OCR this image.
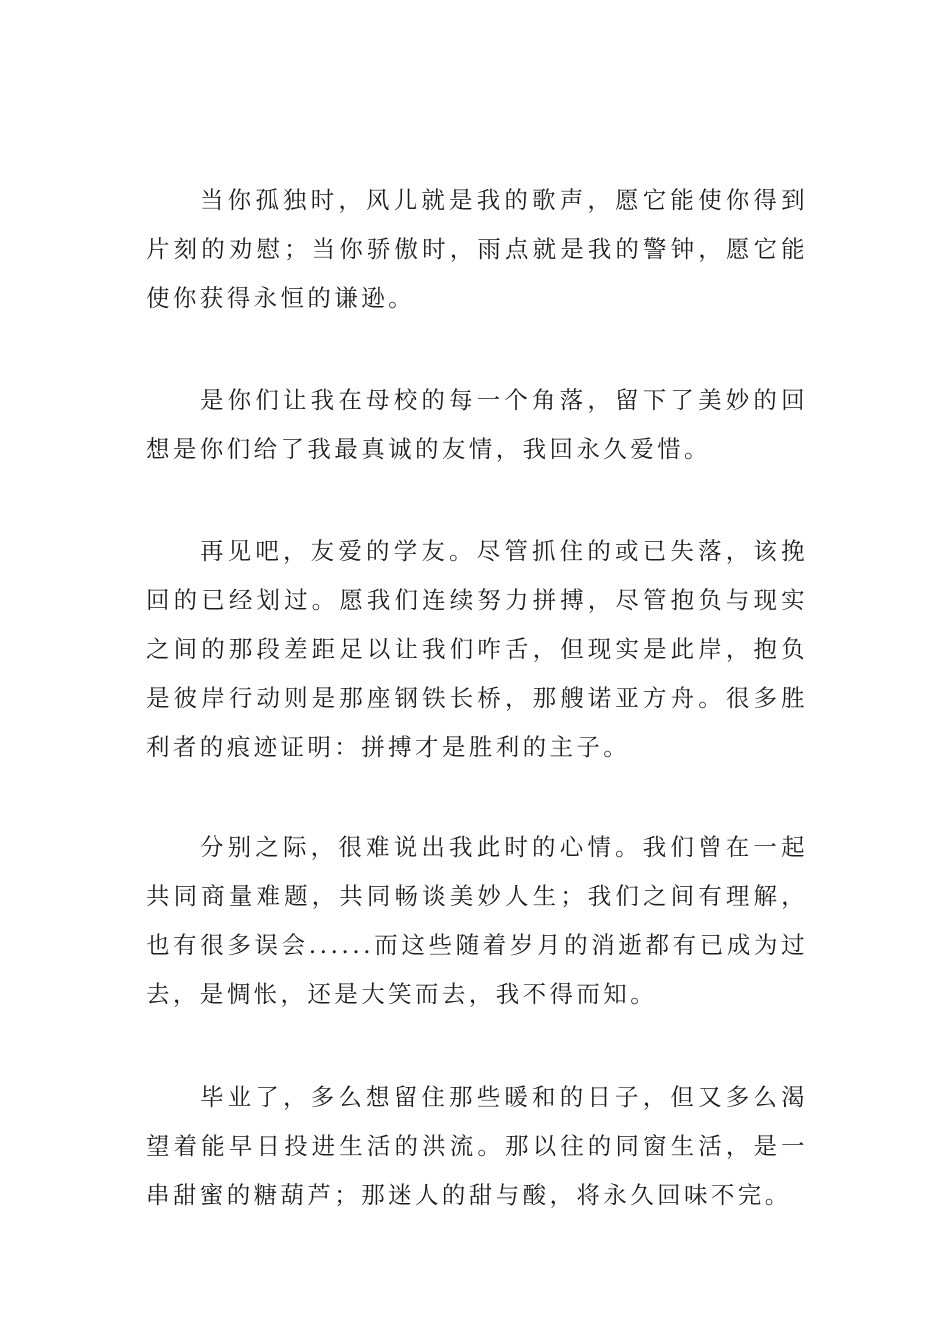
当你孤独时，风儿就是我的歌声，愿它能使你得到片刻的劝慰；当你骄傲时，雨点就是我的警钟，愿它能使你获得永恒的谦逊。

是你们让我在母校的每一个角落，留下了美妙的回想是你们给了我最真诚的友情，我回永久爱惜。

再见吧，友爱的学友。尽管抓住的或已失落，该挽回的已经划过。愿我们连续努力拼搏，尽管抱负与现实之间的那段差距足以让我们咋舌，但现实是此岸，抱负是彼岸行动则是那座钢铁长桥，那艘诺亚方舟。很多胜利者的痕迹证明：拼搏才是胜利的主子。

分别之际，很难说出我此时的心情。我们曾在一起共同商量难题，共同畅谈美妙人生；我们之间有理解，也有很多误会......而这些随着岁月的消逝都有已成为过去，是惆怅，还是大笑而去，我不得而知。

毕业了，多么想留住那些暖和的日子，但又多么渴望着能早日投进生活的洪流。那以往的同窗生活，是一串甜蜜的糖葫芦；那迷人的甜与酸，将永久回味不完。
